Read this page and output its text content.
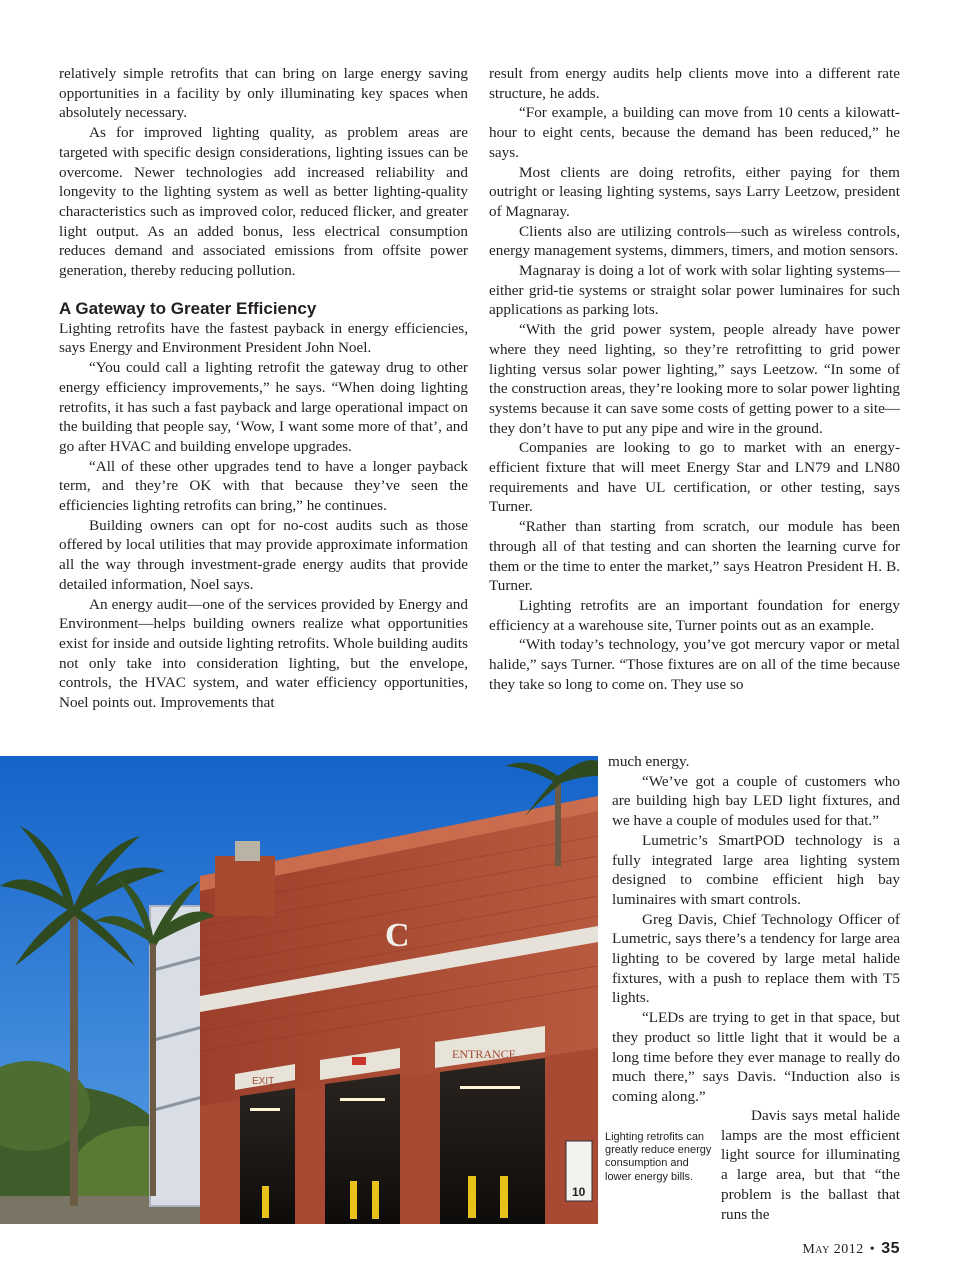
relatively simple retrofits that can bring on large energy saving opportunities in a facility by only illuminating key spaces when absolutely necessary.

As for improved lighting quality, as problem areas are targeted with specific design considerations, lighting issues can be overcome. Newer technologies add increased reliability and longevity to the lighting system as well as better lighting-quality characteristics such as improved color, reduced flicker, and greater light output. As an added bonus, less electrical consumption reduces demand and associated emissions from offsite power generation, thereby reducing pollution.

A Gateway to Greater Efficiency

Lighting retrofits have the fastest payback in energy efficiencies, says Energy and Environment President John Noel.

“You could call a lighting retrofit the gateway drug to other energy efficiency improvements,” he says. “When doing lighting retrofits, it has such a fast payback and large operational impact on the building that people say, ‘Wow, I want some more of that’, and go after HVAC and building envelope upgrades.

“All of these other upgrades tend to have a longer payback term, and they’re OK with that because they’ve seen the efficiencies lighting retrofits can bring,” he continues.

Building owners can opt for no-cost audits such as those offered by local utilities that may provide approximate information all the way through investment-grade energy audits that provide detailed information, Noel says.

An energy audit—one of the services provided by Energy and Environment—helps building owners realize what opportunities exist for inside and outside lighting retrofits. Whole building audits not only take into consideration lighting, but the envelope, controls, the HVAC system, and water efficiency opportunities, Noel points out. Improvements that

result from energy audits help clients move into a different rate structure, he adds.

“For example, a building can move from 10 cents a kilowatt-hour to eight cents, because the demand has been reduced,” he says.

Most clients are doing retrofits, either paying for them outright or leasing lighting systems, says Larry Leetzow, president of Magnaray.

Clients also are utilizing controls—such as wireless controls, energy management systems, dimmers, timers, and motion sensors.

Magnaray is doing a lot of work with solar lighting systems—either grid-tie systems or straight solar power luminaires for such applications as parking lots.

“With the grid power system, people already have power where they need lighting, so they’re retrofitting to grid power lighting versus solar power lighting,” says Leetzow. “In some of the construction areas, they’re looking more to solar power lighting systems because it can save some costs of getting power to a site—they don’t have to put any pipe and wire in the ground.

Companies are looking to go to market with an energy-efficient fixture that will meet Energy Star and LN79 and LN80 requirements and have UL certification, or other testing, says Turner.

“Rather than starting from scratch, our module has been through all of that testing and can shorten the learning curve for them or the time to enter the market,” says Heatron President H. B. Turner.

Lighting retrofits are an important foundation for energy efficiency at a warehouse site, Turner points out as an example.

“With today’s technology, you’ve got mercury vapor or metal halide,” says Turner. “Those fixtures are on all of the time because they take so long to come on. They use so

much energy.

“We’ve got a couple of customers who are building high bay LED light fixtures, and we have a couple of modules used for that.”

Lumetric’s SmartPOD technology is a fully integrated large area lighting system designed to combine efficient high bay luminaires with smart controls.

Greg Davis, Chief Technology Officer of Lumetric, says there’s a tendency for large area lighting to be covered by large metal halide fixtures, with a push to replace them with T5 lights.

“LEDs are trying to get in that space, but they product so little light that it would be a long time before they ever manage to really do much there,” says Davis. “Induction also is coming along.”

Davis says metal halide lamps are the most efficient light source for illuminating a large area, but that “the problem is the ballast that runs the

C
EXIT
ENTRANCE
10
Lighting retrofits can greatly reduce energy consumption and lower energy bills.
May 2012 • 35
